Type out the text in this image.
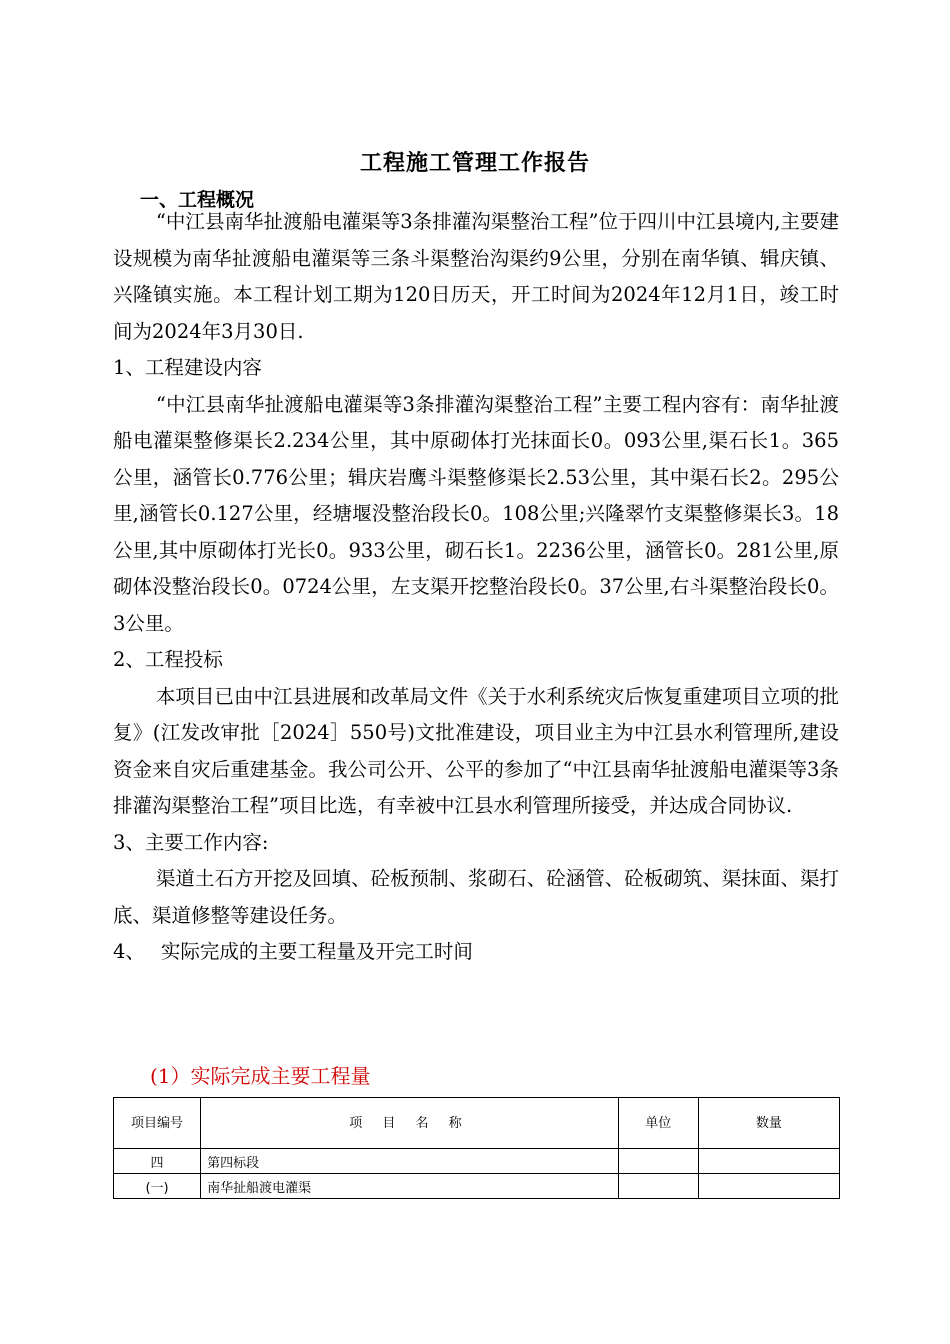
工程施工管理工作报告
一、工程概况

“中江县南华扯渡船电灌渠等3条排灌沟渠整治工程”位于四川中江县境内,主要建设规模为南华扯渡船电灌渠等三条斗渠整治沟渠约9公里，分别在南华镇、辑庆镇、兴隆镇实施。本工程计划工期为120日历天，开工时间为2024年12月1日，竣工时间为2024年3月30日.

1、工程建设内容

“中江县南华扯渡船电灌渠等3条排灌沟渠整治工程”主要工程内容有：南华扯渡船电灌渠整修渠长2.234公里，其中原砌体打光抹面长0。093公里,渠石长1。365公里，涵管长0.776公里；辑庆岩鹰斗渠整修渠长2.53公里，其中渠石长2。295公里,涵管长0.127公里，经塘堰没整治段长0。108公里;兴隆翠竹支渠整修渠长3。18公里,其中原砌体打光长0。933公里，砌石长1。2236公里，涵管长0。281公里,原砌体没整治段长0。0724公里，左支渠开挖整治段长0。37公里,右斗渠整治段长0。3公里。

2、工程投标

本项目已由中江县进展和改革局文件《关于水利系统灾后恢复重建项目立项的批复》(江发改审批［2024］550号)文批准建设，项目业主为中江县水利管理所,建设资金来自灾后重建基金。我公司公开、公平的参加了“中江县南华扯渡船电灌渠等3条排灌沟渠整治工程”项目比选，有幸被中江县水利管理所接受，并达成合同协议.

3、主要工作内容:

渠道土石方开挖及回填、砼板预制、浆砌石、砼涵管、砼板砌筑、渠抹面、渠打底、渠道修整等建设任务。

4、　 实际完成的主要工程量及开完工时间

(1）实际完成主要工程量
项目编号	项 目 名 称	单位	数量
四	第四标段		
(一)	南华扯船渡电灌渠		
